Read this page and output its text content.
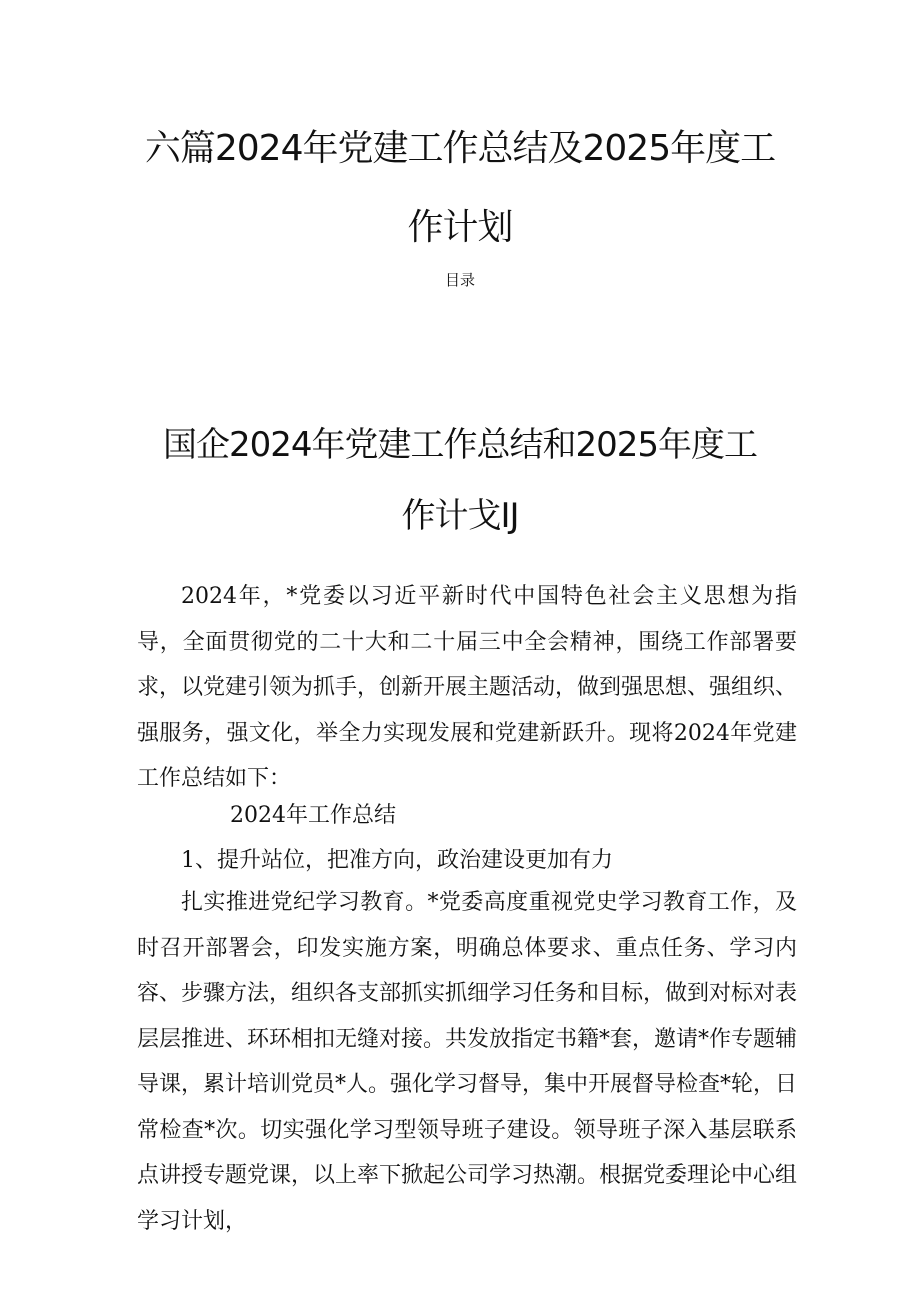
六篇2024年党建工作总结及2025年度工
作计划
目录
国企2024年党建工作总结和2025年度工
作计戈IJ

2024年，*党委以习近平新时代中国特色社会主义思想为指导，全面贯彻党的二十大和二十届三中全会精神，围绕工作部署要求，以党建引领为抓手，创新开展主题活动，做到强思想、强组织、强服务，强文化，举全力实现发展和党建新跃升。现将2024年党建工作总结如下：

2024年工作总结

1、提升站位，把准方向，政治建设更加有力

扎实推进党纪学习教育。*党委高度重视党史学习教育工作，及时召开部署会，印发实施方案，明确总体要求、重点任务、学习内容、步骤方法，组织各支部抓实抓细学习任务和目标，做到对标对表层层推进、环环相扣无缝对接。共发放指定书籍*套，邀请*作专题辅导课，累计培训党员*人。强化学习督导，集中开展督导检查*轮，日常检查*次。切实强化学习型领导班子建设。领导班子深入基层联系点讲授专题党课，以上率下掀起公司学习热潮。根据党委理论中心组学习计划，
